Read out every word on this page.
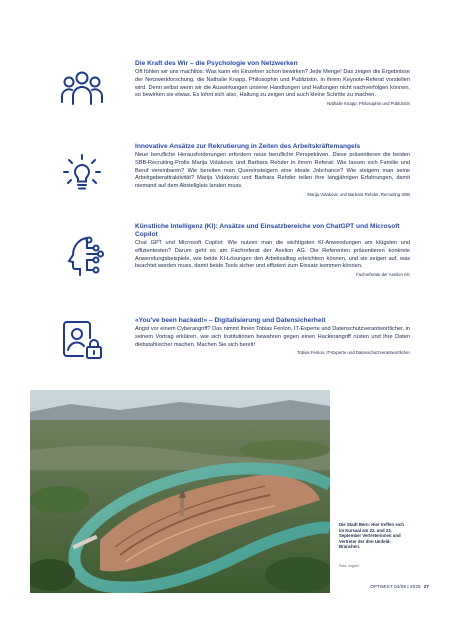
Die Kraft des Wir – die Psychologie von Netzwerken

Oft fühlen wir uns machtlos: Was kann ein Einzelner schon bewirken? Jede Menge! Das zeigen die Ergebnisse der Netzwerkforschung, die Nathalie Knapp, Philosophin und Publizistin, in ihrem Keynote-Referat vorstellen wird. Denn selbst wenn wir die Auswirkungen unserer Handlungen und Haltungen nicht nachverfolgen können, so bewirken sie etwas. Es lohnt sich also, Haltung zu zeigen und auch kleine Schritte zu machen.

Nathalie Knapp, Philosophin und Publizistin
Innovative Ansätze zur Rekrutierung in Zeiten des Arbeitskräftemangels

Neue berufliche Herausforderungen erfordern neue berufliche Perspektiven. Diese präsentieren die beiden SBB-Recruiting-Profis Marija Vidakovic und Barbara Rehder in ihrem Referat: Wie lassen sich Familie und Beruf vereinbaren? Wie bereiten man Quereinsteigern eine ideale Jobchance? Wie steigern man seine Arbeitgeberattraktivität? Marija Vidakovic und Barbara Rehder teilen ihre langjährigen Erfahrungen, damit niemand auf dem Abstellgleis landen muss.

Marija Vidakovic und Barbara Rehder, Recruiting SBB
Künstliche Intelligenz (KI): Ansätze und Einsatzbereiche von ChatGPT und Microsoft Copilot

Chat GPT und Microsoft Copilot: Wie nutzen man die wichtigsten KI-Anwendungen am klügsten und effizientesten? Darum geht es am Fachreferat der Axelion AG. Die Referenten präsentieren konkrete Anwendungsbeispiele, wie beide KI-Lösungen den Arbeitsalltag erleichtern können, und sie zeigen auf, was beachtet werden muss, damit beide Tools sicher und effizient zum Einsatz kommen können.

Fachreferate der Axelion AG
«You've been hacked!» – Digitalisierung und Datensicherheit

Angst vor einem Cyberangriff? Das nimmt Ihnen Tobias Fenlon, IT-Experte und Datenschutzverantwortlicher, in seinem Vortrag erklären, wie sich Institutionen bewahren gegen einen Hackerangriff rüsten und ihre Daten diebstahlsicher machen. Machen Sie sich bereit!

Tobias Fenlon, IT-Experte und Datenschutzverantwortlicher
Die Stadt Bern: Hier treffen sich im Kursaal am 22. und 23. September Vertreterinnen und Vertreter der drei Umfeld-Branchen.
Foto: zvg/ch
OPTIMIST 04/05 | 2025 27
